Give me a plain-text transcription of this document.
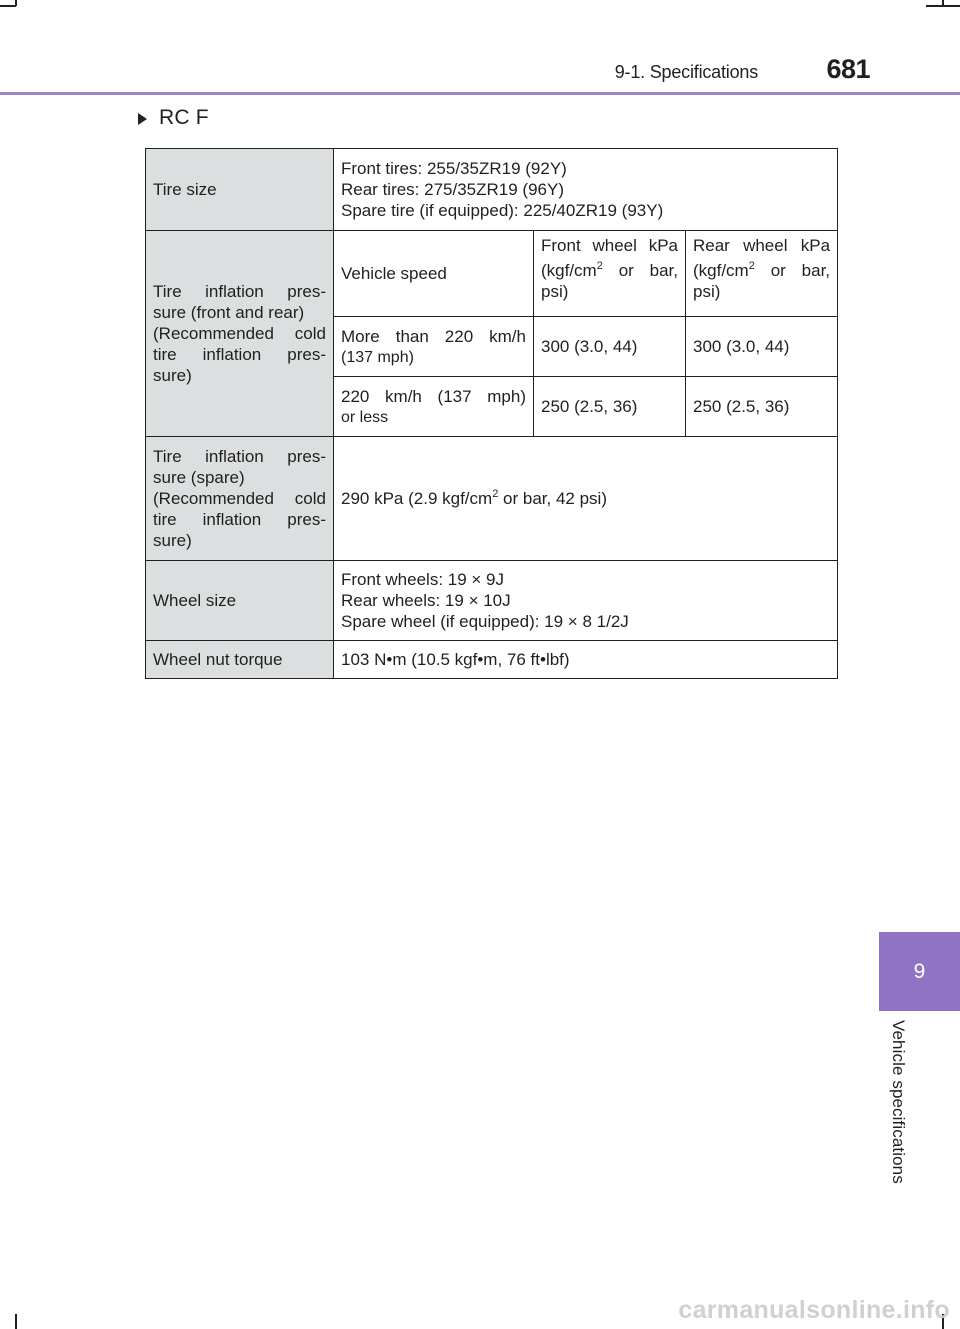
9-1. Specifications	681
RC F
Tire size	Front tires: 255/35ZR19 (92Y)
Rear tires: 275/35ZR19 (96Y)
Spare tire (if equipped): 225/40ZR19 (93Y)		

Tire inflation pres-
sure (front and rear)
(Recommended cold
tire inflation pres-
sure)	Vehicle speed	Front wheel kPa
($kgf/cm^2$ or bar,
psi)	Rear wheel kPa
($kgf/cm^2$ or bar,
psi)

	More than 220 km/h
(137 mph)	300 (3.0, 44)	300 (3.0, 44)

	220 km/h (137 mph)
or less	250 (2.5, 36)	250 (2.5, 36)

Tire inflation pres-
sure (spare)
(Recommended cold
tire inflation pres-
sure)	290 kPa (2.9 kgf/$cm^2$ or bar, 42 psi)		
Wheel size	Front wheels: 19 × 9J
Rear wheels: 19 × 10J
Spare wheel (if equipped): 19 × 8 1/2J		

Wheel nut torque	103 N•m (10.5 kgf•m, 76 ft•lbf)		
9
Vehicle specifications
carmanualsonline.info
